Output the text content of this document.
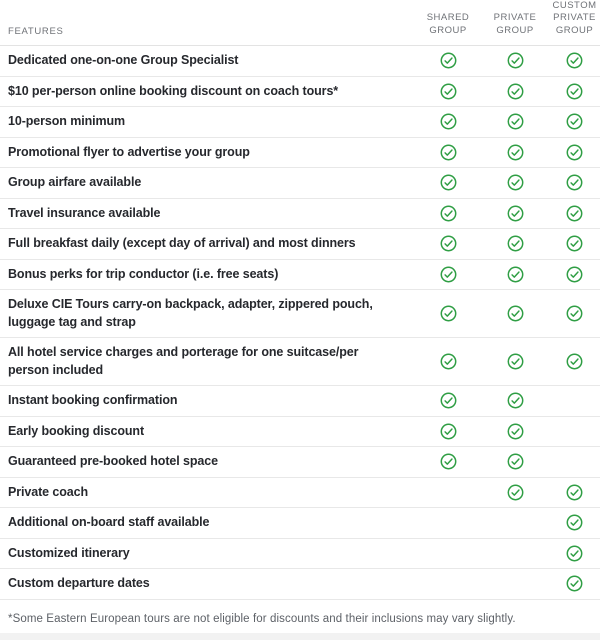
FEATURES
SHARED GROUP
PRIVATE GROUP
CUSTOM PRIVATE GROUP
Dedicated one-on-one Group Specialist
$10 per-person online booking discount on coach tours*
10-person minimum
Promotional flyer to advertise your group
Group airfare available
Travel insurance available
Full breakfast daily (except day of arrival) and most dinners
Bonus perks for trip conductor (i.e. free seats)
Deluxe CIE Tours carry-on backpack, adapter, zippered pouch, luggage tag and strap
All hotel service charges and porterage for one suitcase/per person included
Instant booking confirmation
Early booking discount
Guaranteed pre-booked hotel space
Private coach
Additional on-board staff available
Customized itinerary
Custom departure dates
*Some Eastern European tours are not eligible for discounts and their inclusions may vary slightly.
